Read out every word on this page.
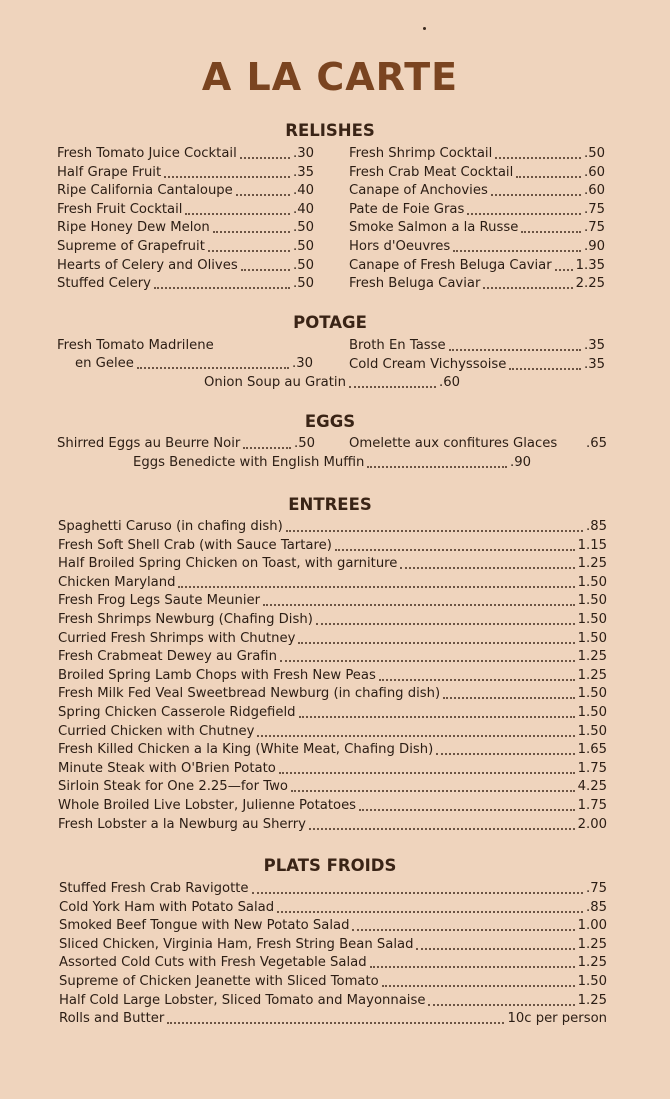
A LA CARTE
RELISHES
Fresh Tomato Juice Cocktail	.30
Half Grape Fruit	.35
Ripe California Cantaloupe	.40
Fresh Fruit Cocktail	.40
Ripe Honey Dew Melon	.50
Supreme of Grapefruit	.50
Hearts of Celery and Olives	.50
Stuffed Celery	.50
Fresh Shrimp Cocktail	.50
Fresh Crab Meat Cocktail	.60
Canape of Anchovies	.60
Pate de Foie Gras	.75
Smoke Salmon a la Russe	.75
Hors d'Oeuvres	.90
Canape of Fresh Beluga Caviar 1.35
Fresh Beluga Caviar	2.25
POTAGE
Fresh Tomato Madrilene
en Gelee	.30
Broth En Tasse	.35
Cold Cream Vichyssoise	.35
Onion Soup au Gratin	.60
EGGS
Shirred Eggs au Beurre Noir	.50	Omelette aux confitures Glaces .65
Eggs Benedicte with English Muffin	.90
ENTREES
Spaghetti Caruso (in chafing dish)	.85
Fresh Soft Shell Crab (with Sauce Tartare)	1.15
Half Broiled Spring Chicken on Toast, with garniture	1.25
Chicken Maryland	1.50
Fresh Frog Legs Saute Meunier	1.50
Fresh Shrimps Newburg (Chafing Dish)	1.50
Curried Fresh Shrimps with Chutney	1.50
Fresh Crabmeat Dewey au Grafin	1.25
Broiled Spring Lamb Chops with Fresh New Peas	1.25
Fresh Milk Fed Veal Sweetbread Newburg (in chafing dish)	1.50
Spring Chicken Casserole Ridgefield	1.50
Curried Chicken with Chutney	1.50
Fresh Killed Chicken a la King (White Meat, Chafing Dish)	1.65
Minute Steak with O'Brien Potato	1.75
Sirloin Steak for One 2.25—for Two	4.25
Whole Broiled Live Lobster, Julienne Potatoes	1.75
Fresh Lobster a la Newburg au Sherry	2.00
PLATS FROIDS
Stuffed Fresh Crab Ravigotte	.75
Cold York Ham with Potato Salad	.85
Smoked Beef Tongue with New Potato Salad	1.00
Sliced Chicken, Virginia Ham, Fresh String Bean Salad	1.25
Assorted Cold Cuts with Fresh Vegetable Salad	1.25
Supreme of Chicken Jeanette with Sliced Tomato	1.50
Half Cold Large Lobster, Sliced Tomato and Mayonnaise	1.25
Rolls and Butter	10c per person
